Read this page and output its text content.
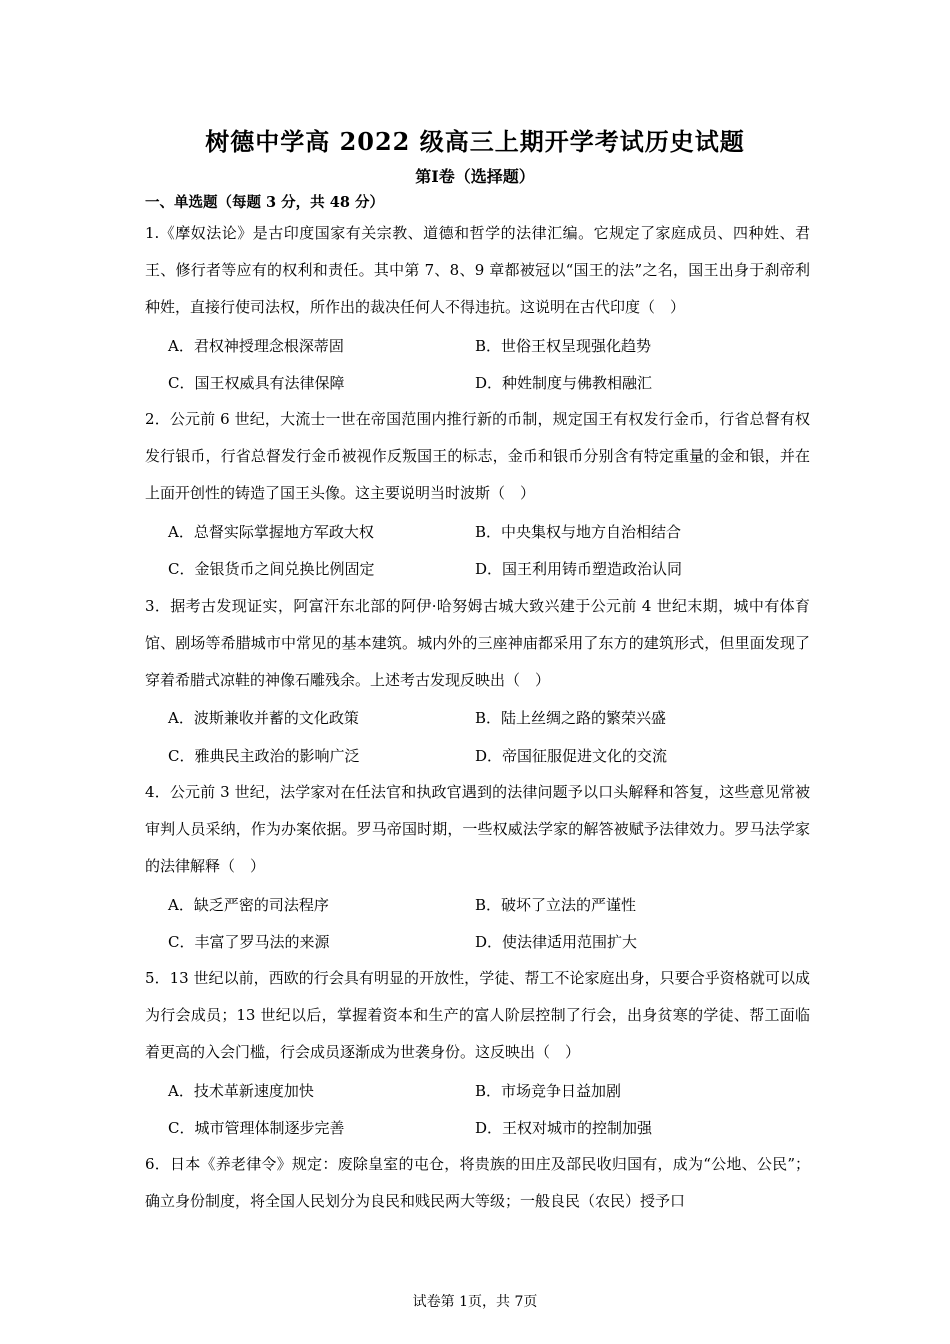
树德中学高 2022 级高三上期开学考试历史试题
第Ⅰ卷（选择题）
一、单选题（每题 3 分，共 48 分）
1.《摩奴法论》是古印度国家有关宗教、道德和哲学的法律汇编。它规定了家庭成员、四种姓、君王、修行者等应有的权利和责任。其中第 7、8、9 章都被冠以“国王的法”之名，国王出身于刹帝利种姓，直接行使司法权，所作出的裁决任何人不得违抗。这说明在古代印度（　）
A．君权神授理念根深蒂固	B．世俗王权呈现强化趋势
C．国王权威具有法律保障	D．种姓制度与佛教相融汇
2．公元前 6 世纪，大流士一世在帝国范围内推行新的币制，规定国王有权发行金币，行省总督有权发行银币，行省总督发行金币被视作反叛国王的标志，金币和银币分别含有特定重量的金和银，并在上面开创性的铸造了国王头像。这主要说明当时波斯（　）
A．总督实际掌握地方军政大权	B．中央集权与地方自治相结合
C．金银货币之间兑换比例固定	D．国王利用铸币塑造政治认同
3．据考古发现证实，阿富汗东北部的阿伊·哈努姆古城大致兴建于公元前 4 世纪末期，城中有体育馆、剧场等希腊城市中常见的基本建筑。城内外的三座神庙都采用了东方的建筑形式，但里面发现了穿着希腊式凉鞋的神像石雕残余。上述考古发现反映出（　）
A．波斯兼收并蓄的文化政策	B．陆上丝绸之路的繁荣兴盛
C．雅典民主政治的影响广泛	D．帝国征服促进文化的交流
4．公元前 3 世纪，法学家对在任法官和执政官遇到的法律问题予以口头解释和答复，这些意见常被审判人员采纳，作为办案依据。罗马帝国时期，一些权威法学家的解答被赋予法律效力。罗马法学家的法律解释（　）
A．缺乏严密的司法程序	B．破坏了立法的严谨性
C．丰富了罗马法的来源	D．使法律适用范围扩大
5．13 世纪以前，西欧的行会具有明显的开放性，学徒、帮工不论家庭出身，只要合乎资格就可以成为行会成员；13 世纪以后，掌握着资本和生产的富人阶层控制了行会，出身贫寒的学徒、帮工面临着更高的入会门槛，行会成员逐渐成为世袭身份。这反映出（　）
A．技术革新速度加快	B．市场竞争日益加剧
C．城市管理体制逐步完善	D．王权对城市的控制加强
6．日本《养老律令》规定：废除皇室的屯仓，将贵族的田庄及部民收归国有，成为“公地、公民”；确立身份制度，将全国人民划分为良民和贱民两大等级；一般良民（农民）授予口
试卷第 1页，共 7页
